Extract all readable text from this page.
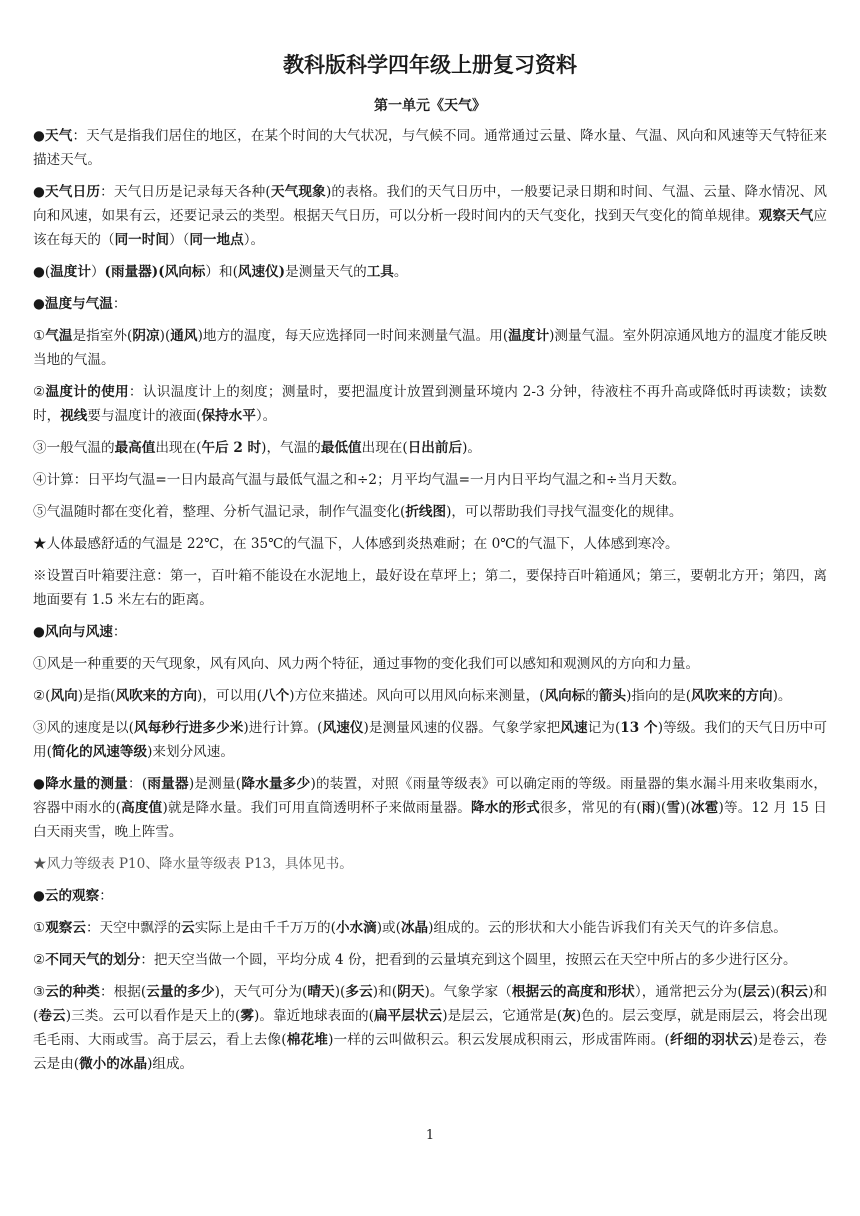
教科版科学四年级上册复习资料
第一单元《天气》
●天气：天气是指我们居住的地区，在某个时间的大气状况，与气候不同。通常通过云量、降水量、气温、风向和风速等天气特征来描述天气。
●天气日历：天气日历是记录每天各种(天气现象)的表格。我们的天气日历中，一般要记录日期和时间、气温、云量、降水情况、风向和风速，如果有云，还要记录云的类型。根据天气日历，可以分析一段时间内的天气变化，找到天气变化的简单规律。观察天气应该在每天的（同一时间）（同一地点）。
●(温度计）(雨量器)(风向标）和(风速仪)是测量天气的工具。
●温度与气温：
①气温是指室外(阴凉)(通风)地方的温度，每天应选择同一时间来测量气温。用(温度计)测量气温。室外阴凉通风地方的温度才能反映当地的气温。
②温度计的使用：认识温度计上的刻度；测量时，要把温度计放置到测量环境内 2-3 分钟，待液柱不再升高或降低时再读数；读数时，视线要与温度计的液面(保持水平）。
③一般气温的最高值出现在(午后 2 时)，气温的最低值出现在(日出前后)。
④计算：日平均气温=一日内最高气温与最低气温之和÷2；月平均气温=一月内日平均气温之和÷当月天数。
⑤气温随时都在变化着，整理、分析气温记录，制作气温变化(折线图)，可以帮助我们寻找气温变化的规律。
★人体最感舒适的气温是 22℃，在 35℃的气温下，人体感到炎热难耐；在 0℃的气温下，人体感到寒冷。
※设置百叶箱要注意：第一，百叶箱不能设在水泥地上，最好设在草坪上；第二，要保持百叶箱通风；第三，要朝北方开；第四，离地面要有 1.5 米左右的距离。
●风向与风速：
①风是一种重要的天气现象，风有风向、风力两个特征，通过事物的变化我们可以感知和观测风的方向和力量。
②(风向)是指(风吹来的方向)，可以用(八个)方位来描述。风向可以用风向标来测量，(风向标的箭头)指向的是(风吹来的方向)。
③风的速度是以(风每秒行进多少米)进行计算。(风速仪)是测量风速的仪器。气象学家把风速记为(13 个)等级。我们的天气日历中可用(简化的风速等级)来划分风速。
●降水量的测量：(雨量器)是测量(降水量多少)的装置，对照《雨量等级表》可以确定雨的等级。雨量器的集水漏斗用来收集雨水，容器中雨水的(高度值)就是降水量。我们可用直筒透明杯子来做雨量器。降水的形式很多，常见的有(雨)(雪)(冰雹)等。12 月 15 日白天雨夹雪，晚上阵雪。
★风力等级表 P10、降水量等级表 P13，具体见书。
●云的观察：
①观察云：天空中飘浮的云实际上是由千千万万的(小水滴)或(冰晶)组成的。云的形状和大小能告诉我们有关天气的许多信息。
②不同天气的划分：把天空当做一个圆，平均分成 4 份，把看到的云量填充到这个圆里，按照云在天空中所占的多少进行区分。
③云的种类：根据(云量的多少)，天气可分为(晴天)(多云)和(阴天)。气象学家（根据云的高度和形状），通常把云分为(层云)(积云)和(卷云)三类。云可以看作是天上的(雾)。靠近地球表面的(扁平层状云)是层云，它通常是(灰)色的。层云变厚，就是雨层云，将会出现毛毛雨、大雨或雪。高于层云，看上去像(棉花堆)一样的云叫做积云。积云发展成积雨云，形成雷阵雨。(纤细的羽状云)是卷云，卷云是由(微小的冰晶)组成。
1
